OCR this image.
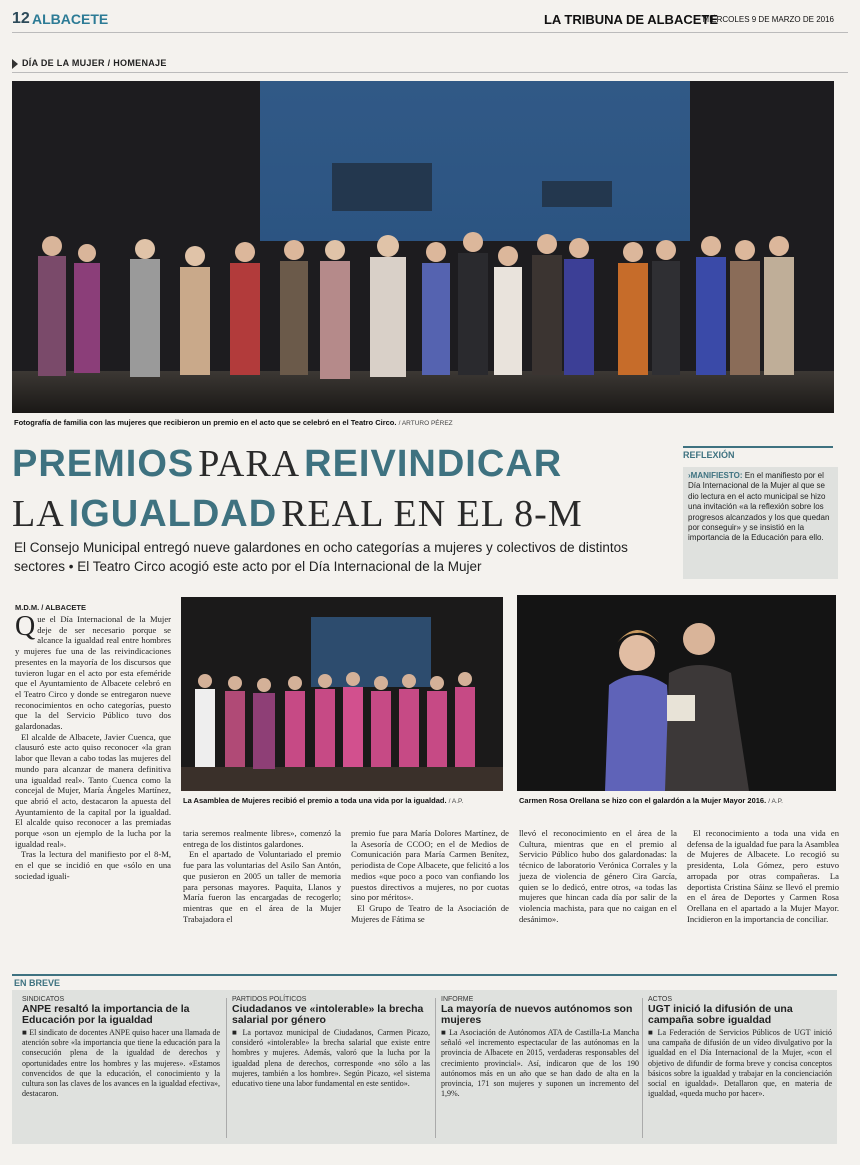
12 ALBACETE	LA TRIBUNA DE ALBACETE
MIÉRCOLES 9 DE MARZO DE 2016
DÍA DE LA MUJER / HOMENAJE
Fotografía de familia con las mujeres que recibieron un premio en el acto que se celebró en el Teatro Circo. / ARTURO PÉREZ
PREMIOS PARA REIVINDICAR
LA IGUALDAD REAL EN EL 8-M
El Consejo Municipal entregó nueve galardones en ocho categorías a mujeres y colectivos de distintos sectores • El Teatro Circo acogió este acto por el Día Internacional de la Mujer
REFLEXIÓN
›MANIFIESTO: En el manifiesto por el Día Internacional de la Mujer al que se dio lectura en el acto municipal se hizo una invitación «a la reflexión sobre los progresos alcanzados y los que quedan por conseguir» y se insistió en la importancia de la Educación para ello.
La Asamblea de Mujeres recibió el premio a toda una vida por la igualdad. / A.P.	Carmen Rosa Orellana se hizo con el galardón a la Mujer Mayor 2016. / A.P.
M.D.M. / ALBACETE

Que el Día Internacional de la Mujer deje de ser necesario porque se alcance la igualdad real entre hombres y mujeres fue una de las reivindicaciones presentes en la mayoría de los discursos que tuvieron lugar en el acto por esta efeméride que el Ayuntamiento de Albacete celebró en el Teatro Circo y donde se entregaron nueve reconocimientos en ocho categorías, puesto que la del Servicio Público tuvo dos galardonadas.

El alcalde de Albacete, Javier Cuenca, que clausuró este acto quiso reconocer «la gran labor que llevan a cabo todas las mujeres del mundo para alcanzar de manera definitiva una igualdad real». Tanto Cuenca como la concejal de Mujer, María Ángeles Martínez, que abrió el acto, destacaron la apuesta del Ayuntamiento de la capital por la igualdad. El alcalde quiso reconocer a las premiadas porque «son un ejemplo de la lucha por la igualdad real».

Tras la lectura del manifiesto por el 8-M, en el que se incidió en que «sólo en una sociedad iguali-

taria seremos realmente libres», comenzó la entrega de los distintos galardones.

En el apartado de Voluntariado el premio fue para las voluntarias del Asilo San Antón, que pusieron en 2005 un taller de memoria para personas mayores. Paquita, Llanos y María fueron las encargadas de recogerlo; mientras que en el área de la Mujer Trabajadora el

premio fue para María Dolores Martínez, de la Asesoría de CCOO; en el de Medios de Comunicación para María Carmen Benítez, periodista de Cope Albacete, que felicitó a los medios «que poco a poco van confiando los puestos directivos a mujeres, no por cuotas sino por méritos».

El Grupo de Teatro de la Asociación de Mujeres de Fátima se

llevó el reconocimiento en el área de la Cultura, mientras que en el premio al Servicio Público hubo dos galardonadas: la técnico de laboratorio Verónica Corrales y la jueza de violencia de género Cira García, quien se lo dedicó, entre otros, «a todas las mujeres que hincan cada día por salir de la violencia machista, para que no caigan en el desánimo».

El reconocimiento a toda una vida en defensa de la igualdad fue para la Asamblea de Mujeres de Albacete. Lo recogió su presidenta, Lola Gómez, pero estuvo arropada por otras compañeras. La deportista Cristina Sáinz se llevó el premio en el área de Deportes y Carmen Rosa Orellana en el apartado a la Mujer Mayor. Incidieron en la importancia de conciliar.

EN BREVE
SINDICATOS
ANPE resaltó la importancia de la Educación por la igualdad
■ El sindicato de docentes ANPE quiso hacer una llamada de atención sobre «la importancia que tiene la educación para la consecución plena de la igualdad de derechos y oportunidades entre los hombres y las mujeres». «Estamos convencidos de que la educación, el conocimiento y la cultura son las claves de los avances en la igualdad efectiva», destacaron.
PARTIDOS POLÍTICOS
Ciudadanos ve «intolerable» la brecha salarial por género
■ La portavoz municipal de Ciudadanos, Carmen Picazo, consideró «intolerable» la brecha salarial que existe entre hombres y mujeres. Además, valoró que la lucha por la igualdad plena de derechos, corresponde «no sólo a las mujeres, también a los hombre». Según Picazo, «el sistema educativo tiene una labor fundamental en este sentido».
INFORME
La mayoría de nuevos autónomos son mujeres
■ La Asociación de Autónomos ATA de Castilla-La Mancha señaló «el incremento espectacular de las autónomas en la provincia de Albacete en 2015, verdaderas responsables del crecimiento provincial». Así, indicaron que de los 190 autónomos más en un año que se han dado de alta en la provincia, 171 son mujeres y suponen un incremento del 1,9%.
ACTOS
UGT inició la difusión de una campaña sobre igualdad
■ La Federación de Servicios Públicos de UGT inició una campaña de difusión de un vídeo divulgativo por la igualdad en el Día Internacional de la Mujer, «con el objetivo de difundir de forma breve y concisa conceptos básicos sobre la igualdad y trabajar en la concienciación social en igualdad». Detallaron que, en materia de igualdad, «queda mucho por hacer».
